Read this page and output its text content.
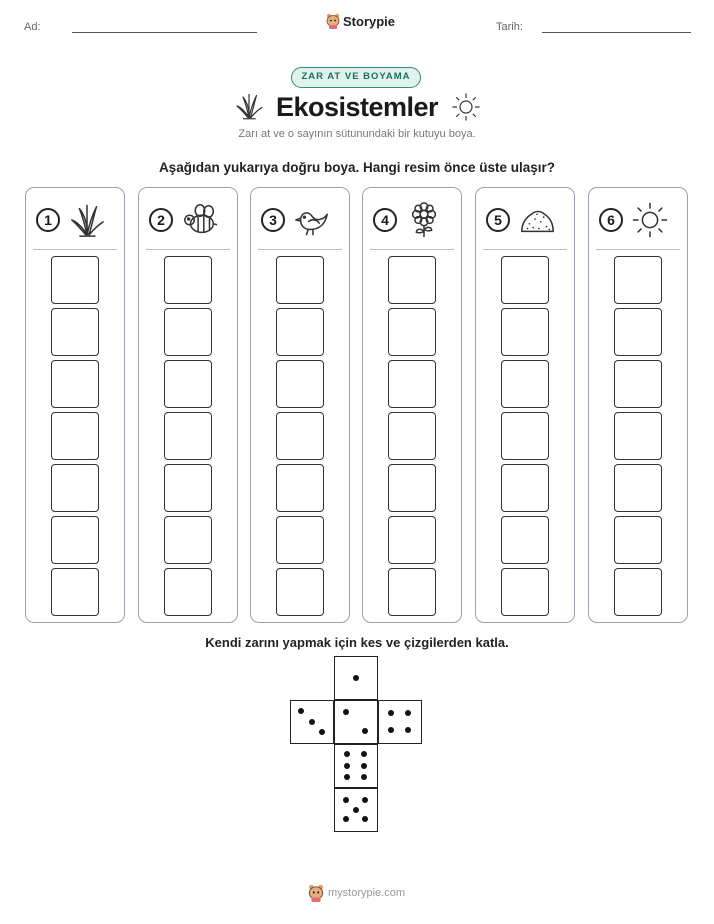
Ad:	Storypie	Tarih:
ZAR AT VE BOYAMA
Ekosistemler
Zarı at ve o sayının sütunundaki bir kutuyu boya.
Aşağıdan yukarıya doğru boya. Hangi resim önce üste ulaşır?
1	2	3	4	5	6
Kendi zarını yapmak için kes ve çizgilerden katla.
mystorypie.com
